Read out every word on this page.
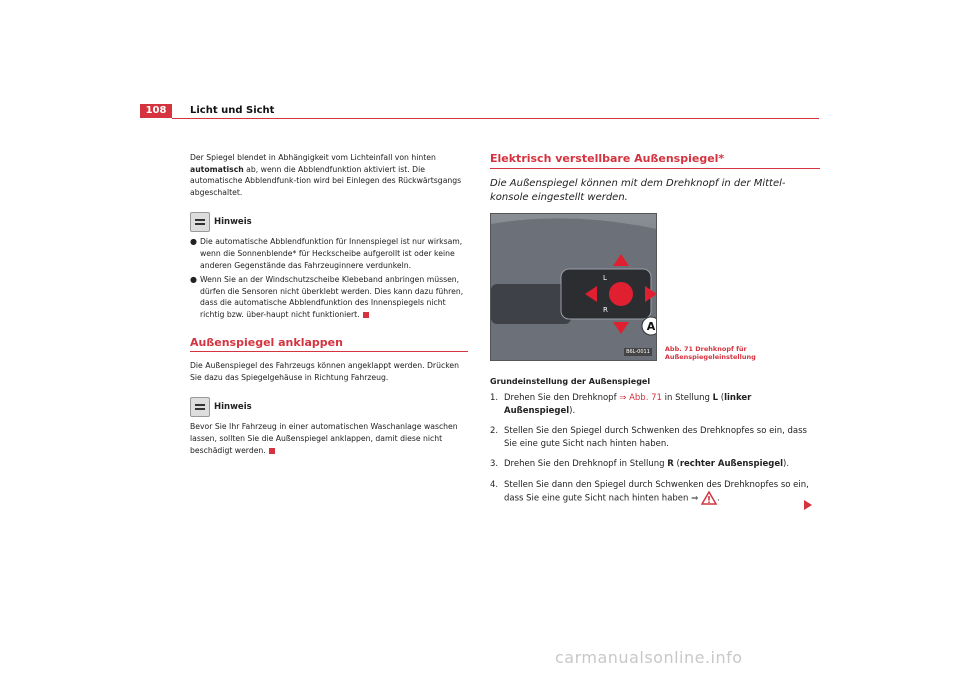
108	Licht und Sicht

Der Spiegel blendet in Abhängigkeit vom Lichteinfall von hinten automatisch ab, wenn die Abblendfunktion aktiviert ist. Die automatische Abblendfunk-tion wird bei Einlegen des Rückwärtsgangs abgeschaltet.

Hinweis
● Die automatische Abblendfunktion für Innenspiegel ist nur wirksam, wenn die Sonnenblende* für Heckscheibe aufgerollt ist oder keine anderen Gegenstände das Fahrzeuginnere verdunkeln.
● Wenn Sie an der Windschutzscheibe Klebeband anbringen müssen, dürfen die Sensoren nicht überklebt werden. Dies kann dazu führen, dass die automatische Abblendfunktion des Innenspiegels nicht richtig bzw. über-haupt nicht funktioniert.
Außenspiegel anklappen

Die Außenspiegel des Fahrzeugs können angeklappt werden. Drücken Sie dazu das Spiegelgehäuse in Richtung Fahrzeug.

Hinweis

Bevor Sie Ihr Fahrzeug in einer automatischen Waschanlage waschen lassen, sollten Sie die Außenspiegel anklappen, damit diese nicht beschädigt werden.

Elektrisch verstellbare Außenspiegel*

Die Außenspiegel können mit dem Drehknopf in der Mittel-konsole eingestellt werden.

A
L
R
B6L-0011	Abb. 71 Drehknopf für Außenspiegeleinstellung
Grundeinstellung der Außenspiegel
1. Drehen Sie den Drehknopf ⇒ Abb. 71 in Stellung L (linker Außenspiegel).
2. Stellen Sie den Spiegel durch Schwenken des Drehknopfes so ein, dass Sie eine gute Sicht nach hinten haben.
3. Drehen Sie den Drehknopf in Stellung R (rechter Außenspiegel).
4. Stellen Sie dann den Spiegel durch Schwenken des Drehknopfes so ein, dass Sie eine gute Sicht nach hinten haben ⇒ .
carmanualsonline.info
